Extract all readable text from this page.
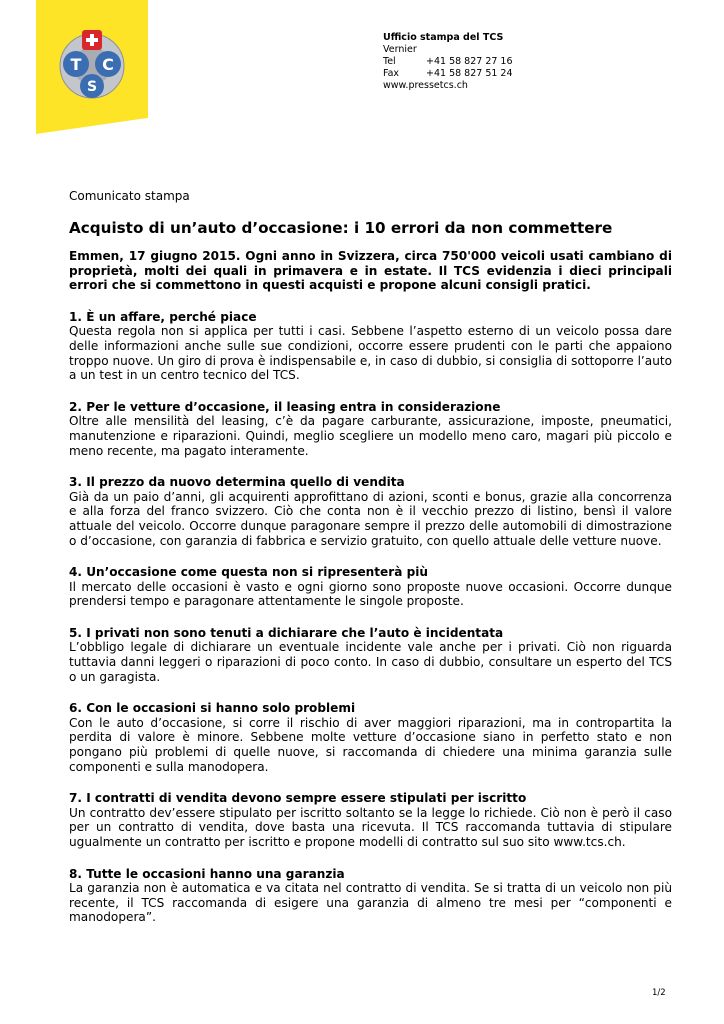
T C
S
Ufficio stampa del TCS
Vernier
Tel	+41 58 827 27 16
Fax	+41 58 827 51 24
www.pressetcs.ch
Comunicato stampa
Acquisto di un’auto d’occasione: i 10 errori da non commettere

Emmen, 17 giugno 2015. Ogni anno in Svizzera, circa 750'000 veicoli usati cambiano di proprietà, molti dei quali in primavera e in estate. Il TCS evidenzia i dieci principali errori che si commettono in questi acquisti e propone alcuni consigli pratici.

1. È un affare, perché piace

Questa regola non si applica per tutti i casi. Sebbene l’aspetto esterno di un veicolo possa dare delle informazioni anche sulle sue condizioni, occorre essere prudenti con le parti che appaiono troppo nuove. Un giro di prova è indispensabile e, in caso di dubbio, si consiglia di sottoporre l’auto a un test in un centro tecnico del TCS.

2. Per le vetture d’occasione, il leasing entra in considerazione

Oltre alle mensilità del leasing, c’è da pagare carburante, assicurazione, imposte, pneumatici, manutenzione e riparazioni. Quindi, meglio scegliere un modello meno caro, magari più piccolo e meno recente, ma pagato interamente.

3. Il prezzo da nuovo determina quello di vendita

Già da un paio d’anni, gli acquirenti approfittano di azioni, sconti e bonus, grazie alla concorrenza e alla forza del franco svizzero. Ciò che conta non è il vecchio prezzo di listino, bensì il valore attuale del veicolo. Occorre dunque paragonare sempre il prezzo delle automobili di dimostrazione o d’occasione, con garanzia di fabbrica e servizio gratuito, con quello attuale delle vetture nuove.

4. Un’occasione come questa non si ripresenterà più

Il mercato delle occasioni è vasto e ogni giorno sono proposte nuove occasioni. Occorre dunque prendersi tempo e paragonare attentamente le singole proposte.

5. I privati non sono tenuti a dichiarare che l’auto è incidentata

L’obbligo legale di dichiarare un eventuale incidente vale anche per i privati. Ciò non riguarda tuttavia danni leggeri o riparazioni di poco conto. In caso di dubbio, consultare un esperto del TCS o un garagista.

6. Con le occasioni si hanno solo problemi

Con le auto d’occasione, si corre il rischio di aver maggiori riparazioni, ma in contropartita la perdita di valore è minore. Sebbene molte vetture d’occasione siano in perfetto stato e non pongano più problemi di quelle nuove, si raccomanda di chiedere una minima garanzia sulle componenti e sulla manodopera.

7. I contratti di vendita devono sempre essere stipulati per iscritto

Un contratto dev’essere stipulato per iscritto soltanto se la legge lo richiede. Ciò non è però il caso per un contratto di vendita, dove basta una ricevuta. Il TCS raccomanda tuttavia di stipulare ugualmente un contratto per iscritto e propone modelli di contratto sul suo sito www.tcs.ch.

8. Tutte le occasioni hanno una garanzia

La garanzia non è automatica e va citata nel contratto di vendita. Se si tratta di un veicolo non più recente, il TCS raccomanda di esigere una garanzia di almeno tre mesi per “componenti e manodopera”.

1/2
